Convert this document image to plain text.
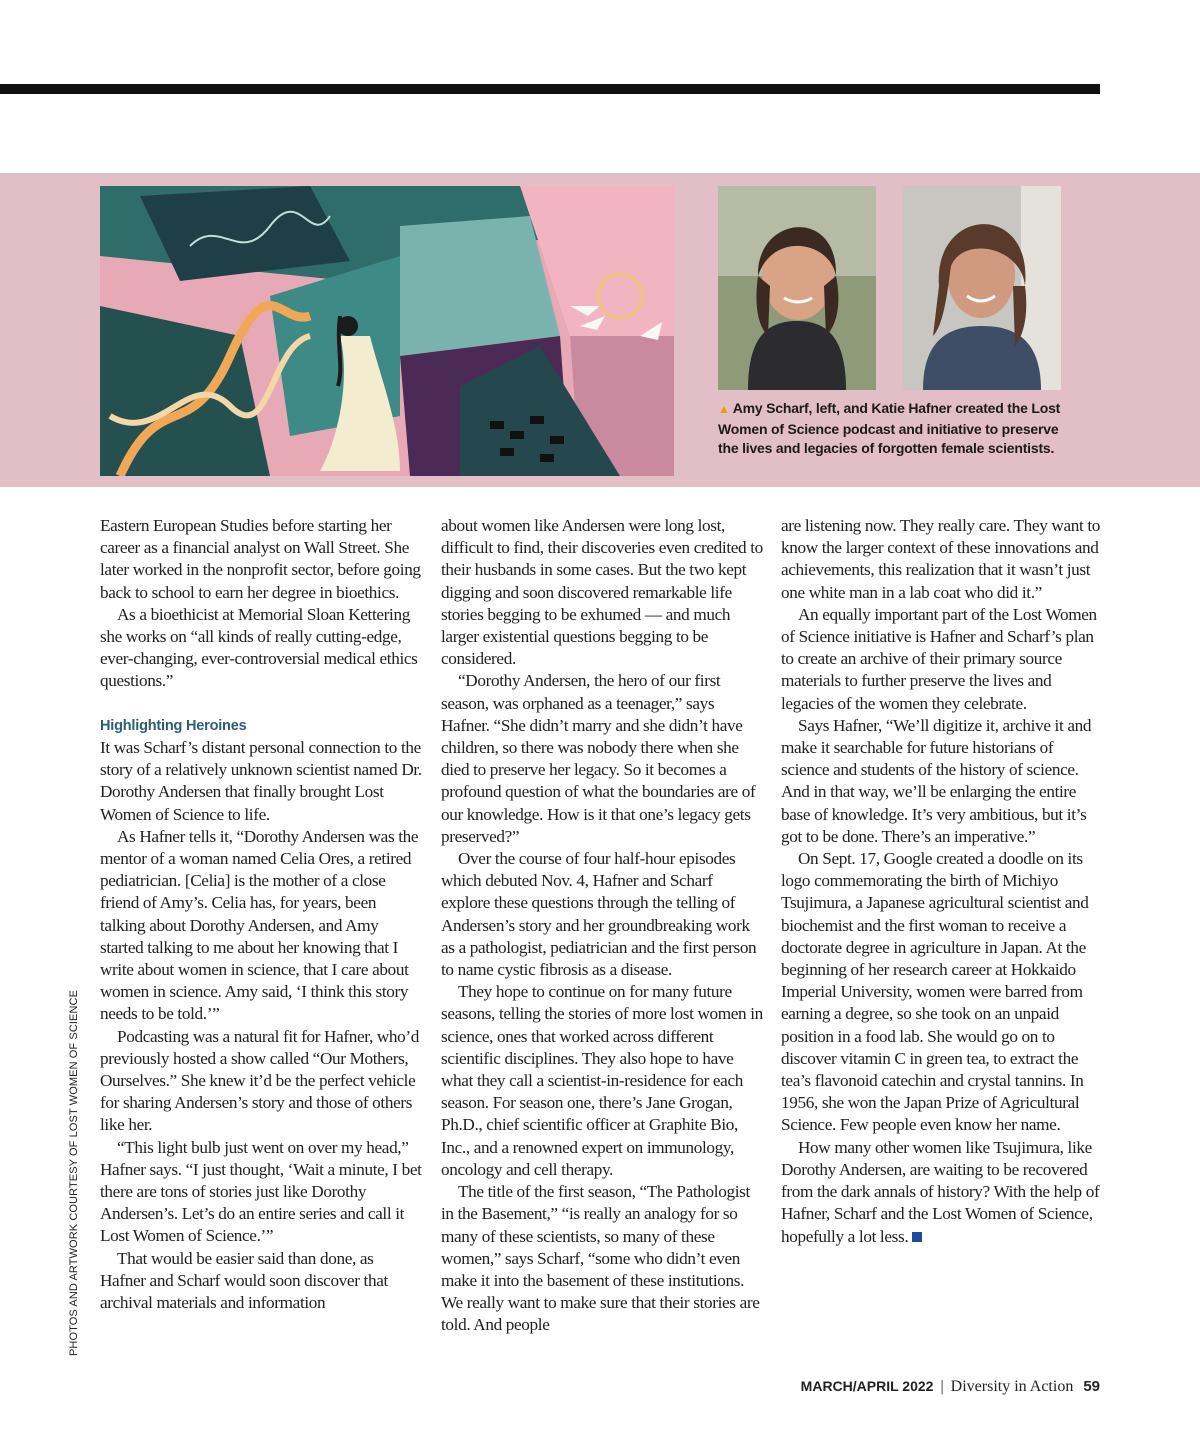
▲ Amy Scharf, left, and Katie Hafner created the Lost Women of Science podcast and initiative to preserve the lives and legacies of forgotten female scientists.

Eastern European Studies before starting her career as a financial analyst on Wall Street. She later worked in the nonprofit sector, before going back to school to earn her degree in bioethics.

As a bioethicist at Memorial Sloan Kettering she works on “all kinds of really cutting-edge, ever-changing, ever-controversial medical ethics questions.”

Highlighting Heroines

It was Scharf’s distant personal connection to the story of a relatively unknown scientist named Dr. Dorothy Andersen that finally brought Lost Women of Science to life.

As Hafner tells it, “Dorothy Andersen was the mentor of a woman named Celia Ores, a retired pediatrician. [Celia] is the mother of a close friend of Amy’s. Celia has, for years, been talking about Dorothy Andersen, and Amy started talking to me about her knowing that I write about women in science, that I care about women in science. Amy said, ‘I think this story needs to be told.’”

Podcasting was a natural fit for Hafner, who’d previously hosted a show called “Our Mothers, Ourselves.” She knew it’d be the perfect vehicle for sharing Andersen’s story and those of others like her.

“This light bulb just went on over my head,” Hafner says. “I just thought, ‘Wait a minute, I bet there are tons of stories just like Dorothy Andersen’s. Let’s do an entire series and call it Lost Women of Science.’”

That would be easier said than done, as Hafner and Scharf would soon discover that archival materials and information

about women like Andersen were long lost, difficult to find, their discoveries even credited to their husbands in some cases. But the two kept digging and soon discovered remarkable life stories begging to be exhumed — and much larger existential questions begging to be considered.

“Dorothy Andersen, the hero of our first season, was orphaned as a teenager,” says Hafner. “She didn’t marry and she didn’t have children, so there was nobody there when she died to preserve her legacy. So it becomes a profound question of what the boundaries are of our knowledge. How is it that one’s legacy gets preserved?”

Over the course of four half-hour episodes which debuted Nov. 4, Hafner and Scharf explore these questions through the telling of Andersen’s story and her groundbreaking work as a pathologist, pediatrician and the first person to name cystic fibrosis as a disease.

They hope to continue on for many future seasons, telling the stories of more lost women in science, ones that worked across different scientific disciplines. They also hope to have what they call a scientist-in-residence for each season. For season one, there’s Jane Grogan, Ph.D., chief scientific officer at Graphite Bio, Inc., and a renowned expert on immunology, oncology and cell therapy.

The title of the first season, “The Pathologist in the Basement,” “is really an analogy for so many of these scientists, so many of these women,” says Scharf, “some who didn’t even make it into the basement of these institutions. We really want to make sure that their stories are told. And people

are listening now. They really care. They want to know the larger context of these innovations and achievements, this realization that it wasn’t just one white man in a lab coat who did it.”

An equally important part of the Lost Women of Science initiative is Hafner and Scharf’s plan to create an archive of their primary source materials to further preserve the lives and legacies of the women they celebrate.

Says Hafner, “We’ll digitize it, archive it and make it searchable for future historians of science and students of the history of science. And in that way, we’ll be enlarging the entire base of knowledge. It’s very ambitious, but it’s got to be done. There’s an imperative.”

On Sept. 17, Google created a doodle on its logo commemorating the birth of Michiyo Tsujimura, a Japanese agricultural scientist and biochemist and the first woman to receive a doctorate degree in agriculture in Japan. At the beginning of her research career at Hokkaido Imperial University, women were barred from earning a degree, so she took on an unpaid position in a food lab. She would go on to discover vitamin C in green tea, to extract the tea’s flavonoid catechin and crystal tannins. In 1956, she won the Japan Prize of Agricultural Science. Few people even know her name.

How many other women like Tsujimura, like Dorothy Andersen, are waiting to be recovered from the dark annals of history? With the help of Hafner, Scharf and the Lost Women of Science, hopefully a lot less.

PHOTOS AND ARTWORK COURTESY OF LOST WOMEN OF SCIENCE
MARCH/APRIL 2022 | Diversity in Action 59
